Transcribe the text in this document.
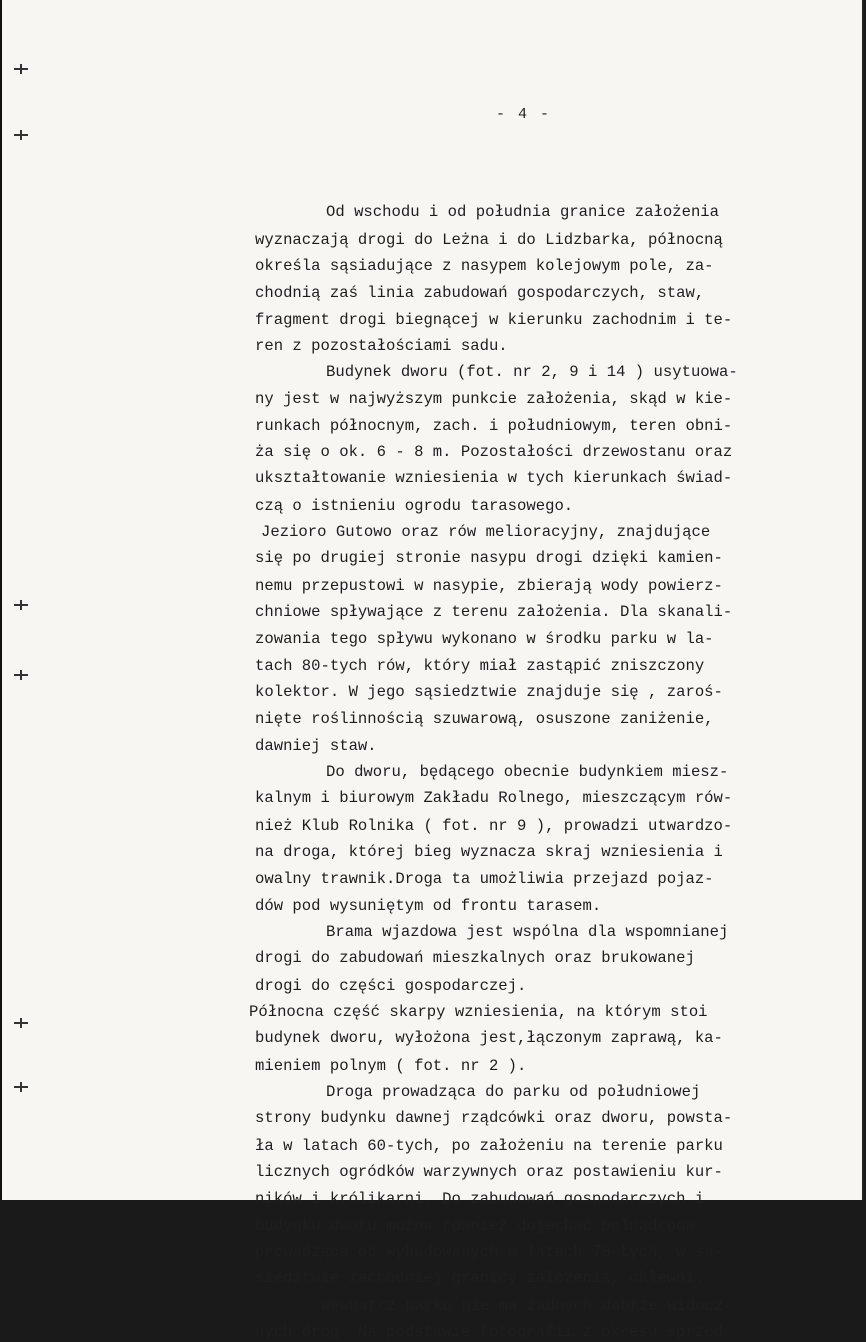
- 4 -
Od wschodu i od południa granice założenia
wyznaczają drogi do Leżna i do Lidzbarka, północną
określa sąsiadujące z nasypem kolejowym pole, za-
chodnią zaś linia zabudowań gospodarczych, staw,
fragment drogi biegnącej w kierunku zachodnim i te-
ren z pozostałościami sadu.
Budynek dworu (fot. nr 2, 9 i 14 ) usytuowa-
ny jest w najwyższym punkcie założenia, skąd w kie-
runkach północnym, zach. i południowym, teren obni-
ża się o ok. 6 - 8 m. Pozostałości drzewostanu oraz
ukształtowanie wzniesienia w tych kierunkach świad-
czą o istnieniu ogrodu tarasowego.
Jezioro Gutowo oraz rów melioracyjny, znajdujące
się po drugiej stronie nasypu drogi dzięki kamien-
nemu przepustowi w nasypie, zbierają wody powierz-
chniowe spływające z terenu założenia. Dla skanali-
zowania tego spływu wykonano w środku parku w la-
tach 80-tych rów, który miał zastąpić zniszczony
kolektor. W jego sąsiedztwie znajduje się , zaroś-
nięte roślinnością szuwarową, osuszone zaniżenie,
dawniej staw.
Do dworu, będącego obecnie budynkiem miesz-
kalnym i biurowym Zakładu Rolnego, mieszczącym rów-
nież Klub Rolnika ( fot. nr 9 ), prowadzi utwardzo-
na droga, której bieg wyznacza skraj wzniesienia i
owalny trawnik.Droga ta umożliwia przejazd pojaz-
dów pod wysuniętym od frontu tarasem.
Brama wjazdowa jest wspólna dla wspomnianej
drogi do zabudowań mieszkalnych oraz brukowanej
drogi do części gospodarczej.
Północna część skarpy wzniesienia, na którym stoi
budynek dworu, wyłożona jest,łączonym zaprawą, ka-
mieniem polnym ( fot. nr 2 ).
Droga prowadząca do parku od południowej
strony budynku dawnej rządcówki oraz dworu, powsta-
ła w latach 60-tych, po założeniu na terenie parku
licznych ogródków warzywnych oraz postawieniu kur-
ników i królikarni. Do zabudowań gospodarczych i
budynku dworu można również dojechać polnądrogą
prowadzącą od wybudowanych w latach 70-tych, w są-
siedztwie zachodniej granicy założenia, chlewni.
Wewnątrz parku nie ma żadnych dobrze widocz-
nych dróg. Na podstawie fotografii z okresu sprzed
